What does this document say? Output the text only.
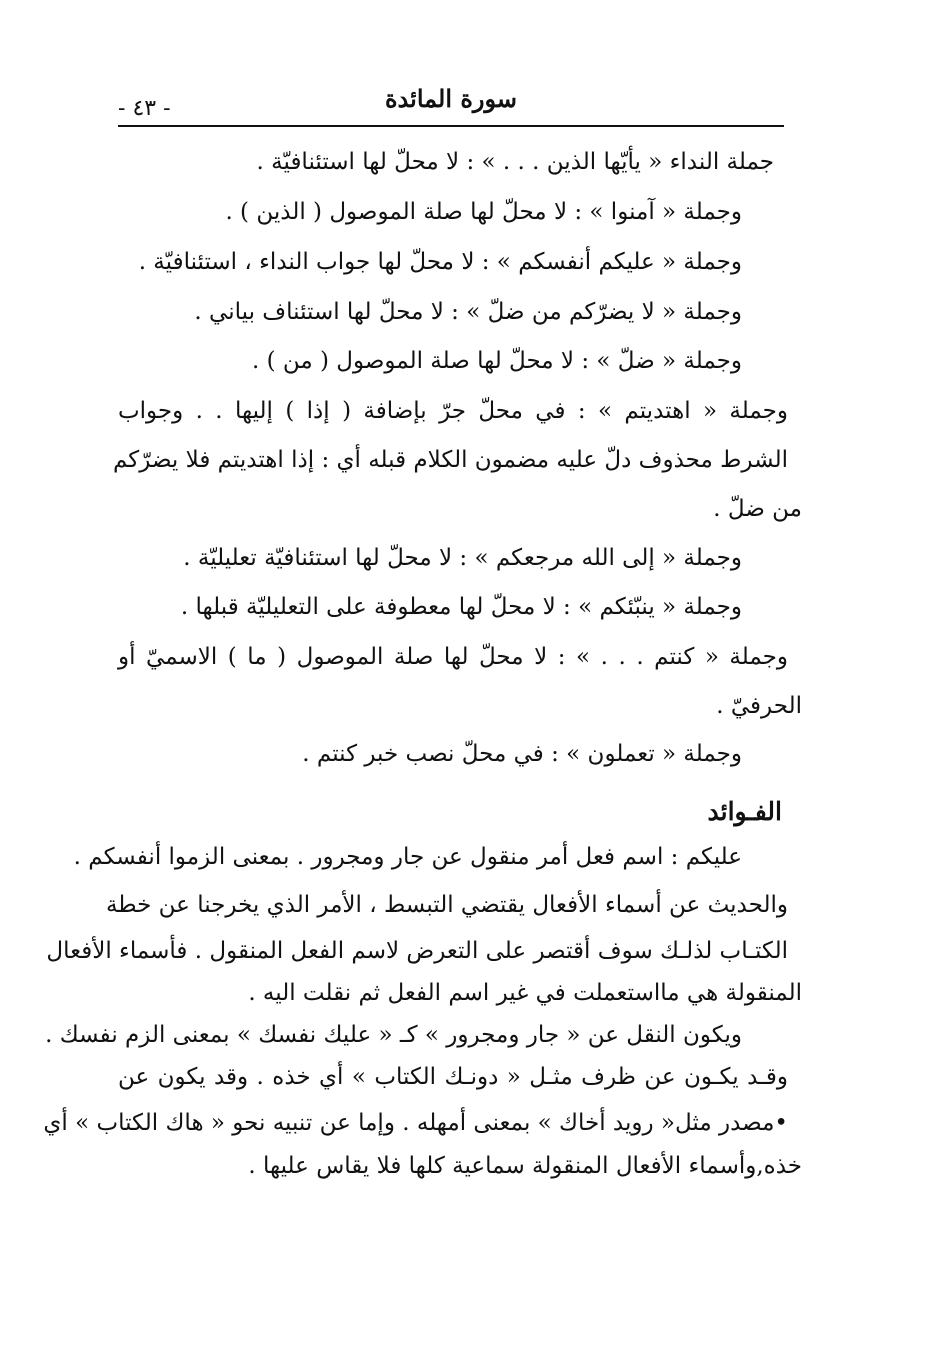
- ٤٣ -	سورة المائدة
جملة النداء « يأيّها الذين . . . » : لا محلّ لها استئنافيّة .
وجملة « آمنوا » : لا محلّ لها صلة الموصول ( الذين ) .
وجملة « عليكم أنفسكم » : لا محلّ لها جواب النداء ، استئنافيّة .
وجملة « لا يضرّكم من ضلّ » : لا محلّ لها استئناف بياني .
وجملة « ضلّ » : لا محلّ لها صلة الموصول ( من ) .
وجملة « اهتديتم » : في محلّ جرّ بإضافة ( إذا ) إليها . . وجواب
الشرط محذوف دلّ عليه مضمون الكلام قبله أي : إذا اهتديتم فلا يضرّكم
من ضلّ .
وجملة « إلى الله مرجعكم » : لا محلّ لها استئنافيّة تعليليّة .
وجملة « ينبّئكم » : لا محلّ لها معطوفة على التعليليّة قبلها .
وجملة « كنتم . . . » : لا محلّ لها صلة الموصول ( ما ) الاسميّ أو
الحرفيّ .
وجملة « تعملون » : في محلّ نصب خبر كنتم .
الفـوائد
عليكم : اسم فعل أمر منقول عن جار ومجرور . بمعنى الزموا أنفسكم .
والحديث عن أسماء الأفعال يقتضي التبسط ، الأمر الذي يخرجنا عن خطة
الكتـاب لذلـك سوف أقتصر على التعرض لاسم الفعل المنقول . فأسماء الأفعال
المنقولة هي مااستعملت في غير اسم الفعل ثم نقلت اليه .
ويكون النقل عن « جار ومجرور » كـ « عليك نفسك » بمعنى الزم نفسك .
وقـد يكـون عن ظرف مثـل « دونـك الكتاب » أي خذه . وقد يكون عن
•مصدر مثل« رويد أخاك » بمعنى أمهله . وإما عن تنبيه نحو « هاك الكتاب » أي
خذه,وأسماء الأفعال المنقولة سماعية كلها فلا يقاس عليها .
